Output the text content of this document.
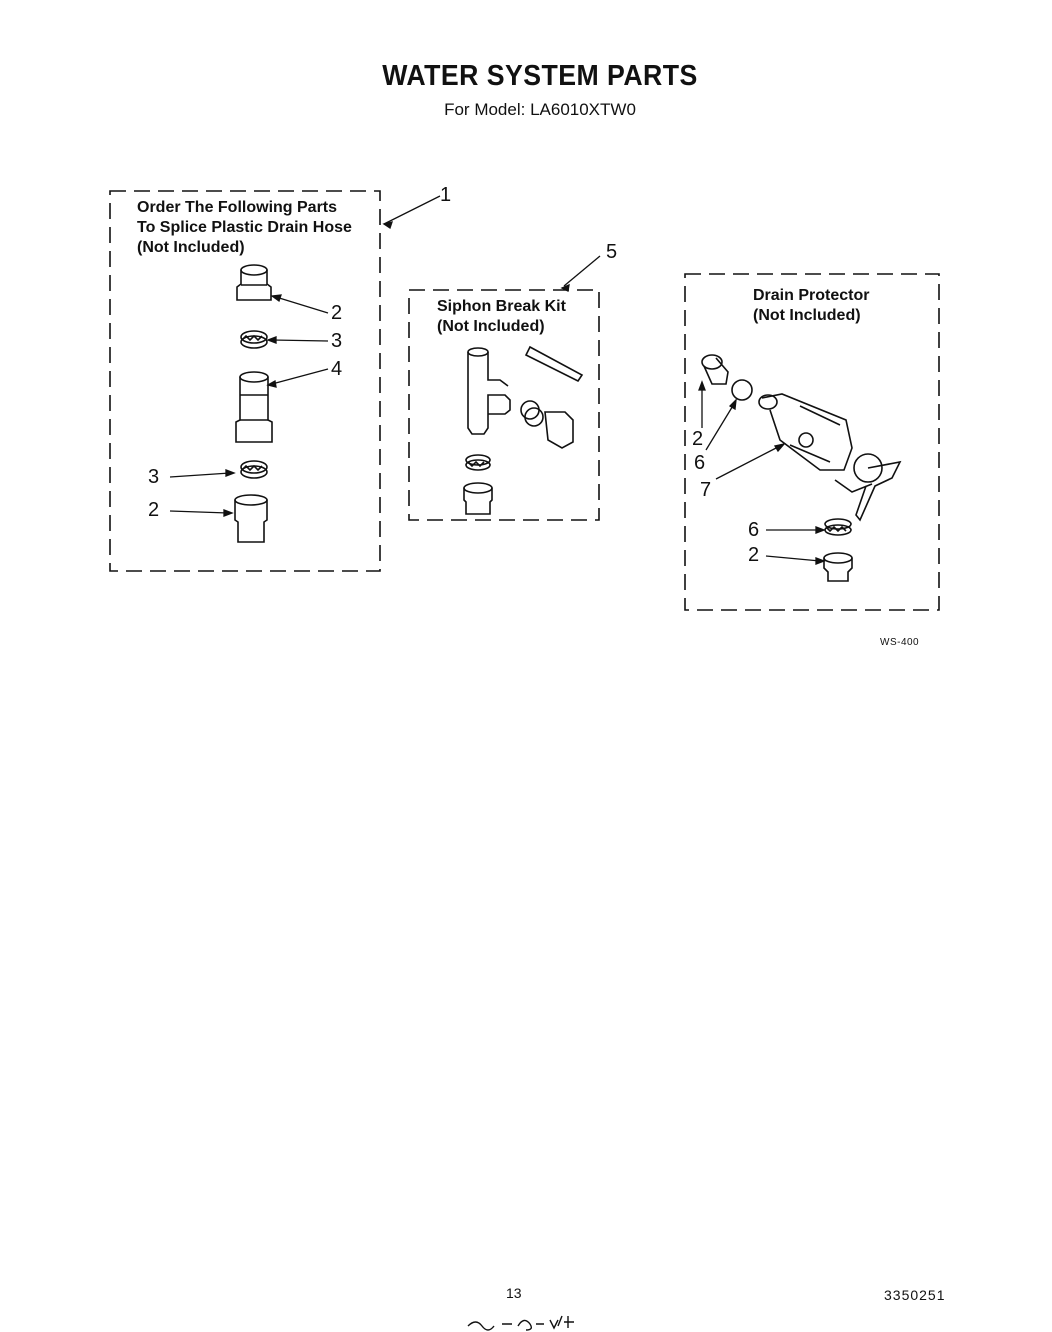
WATER SYSTEM PARTS
For Model: LA6010XTW0
Order The Following Parts
To Splice Plastic Drain Hose
(Not Included)
Siphon Break Kit
(Not Included)
Drain Protector
(Not Included)
1
5
2
3
4
3
2
2
6
7
6
2
WS-400
13	3350251
